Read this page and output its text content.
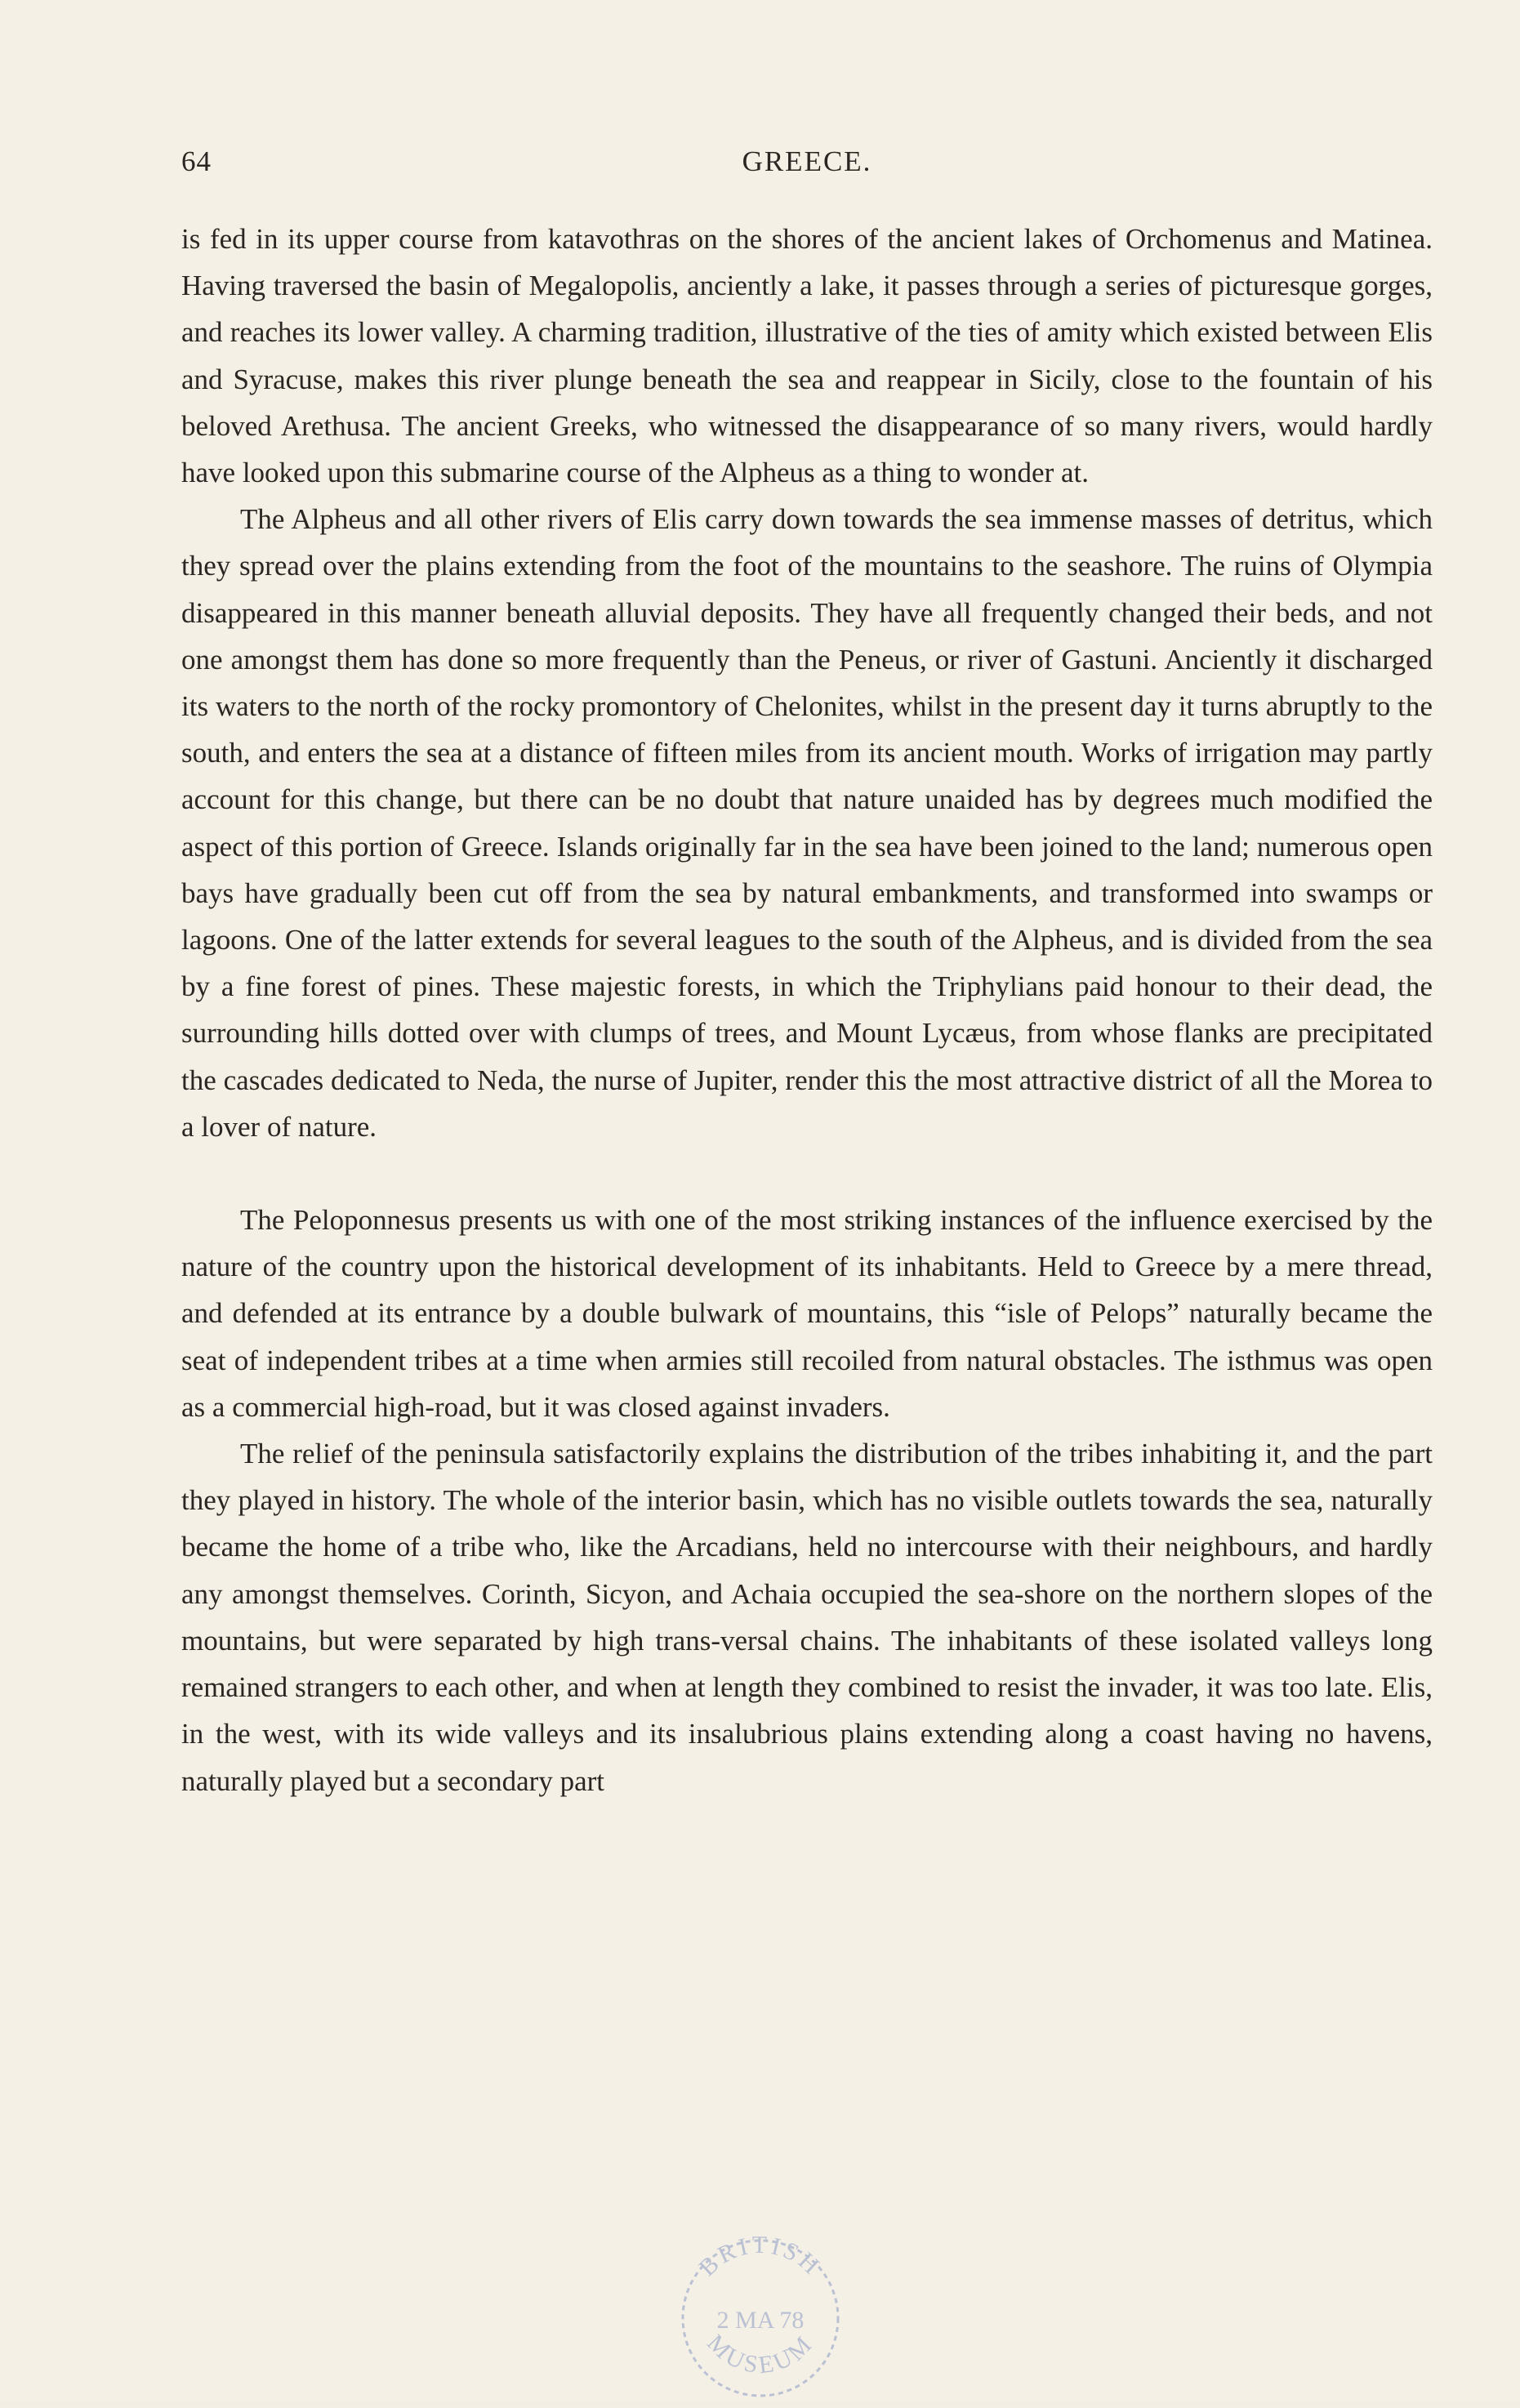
64	GREECE.

is fed in its upper course from katavothras on the shores of the ancient lakes of Orchomenus and Matinea. Having traversed the basin of Megalopolis, anciently a lake, it passes through a series of picturesque gorges, and reaches its lower valley. A charming tradition, illustrative of the ties of amity which existed between Elis and Syracuse, makes this river plunge beneath the sea and reappear in Sicily, close to the fountain of his beloved Arethusa. The ancient Greeks, who witnessed the disappearance of so many rivers, would hardly have looked upon this submarine course of the Alpheus as a thing to wonder at.

The Alpheus and all other rivers of Elis carry down towards the sea immense masses of detritus, which they spread over the plains extending from the foot of the mountains to the seashore. The ruins of Olympia disappeared in this manner beneath alluvial deposits. They have all frequently changed their beds, and not one amongst them has done so more frequently than the Peneus, or river of Gastuni. Anciently it discharged its waters to the north of the rocky promontory of Chelonites, whilst in the present day it turns abruptly to the south, and enters the sea at a distance of fifteen miles from its ancient mouth. Works of irrigation may partly account for this change, but there can be no doubt that nature unaided has by degrees much modified the aspect of this portion of Greece. Islands originally far in the sea have been joined to the land; numerous open bays have gradually been cut off from the sea by natural embankments, and transformed into swamps or lagoons. One of the latter extends for several leagues to the south of the Alpheus, and is divided from the sea by a fine forest of pines. These majestic forests, in which the Triphylians paid honour to their dead, the surrounding hills dotted over with clumps of trees, and Mount Lycæus, from whose flanks are precipitated the cascades dedicated to Neda, the nurse of Jupiter, render this the most attractive district of all the Morea to a lover of nature.

The Peloponnesus presents us with one of the most striking instances of the influence exercised by the nature of the country upon the historical development of its inhabitants. Held to Greece by a mere thread, and defended at its entrance by a double bulwark of mountains, this “isle of Pelops” naturally became the seat of independent tribes at a time when armies still recoiled from natural obstacles. The isthmus was open as a commercial high-road, but it was closed against invaders.

The relief of the peninsula satisfactorily explains the distribution of the tribes inhabiting it, and the part they played in history. The whole of the interior basin, which has no visible outlets towards the sea, naturally became the home of a tribe who, like the Arcadians, held no intercourse with their neighbours, and hardly any amongst themselves. Corinth, Sicyon, and Achaia occupied the sea-shore on the northern slopes of the mountains, but were separated by high trans-versal chains. The inhabitants of these isolated valleys long remained strangers to each other, and when at length they combined to resist the invader, it was too late. Elis, in the west, with its wide valleys and its insalubrious plains extending along a coast having no havens, naturally played but a secondary part

BRITISH
2 MA 78
MUSEUM
